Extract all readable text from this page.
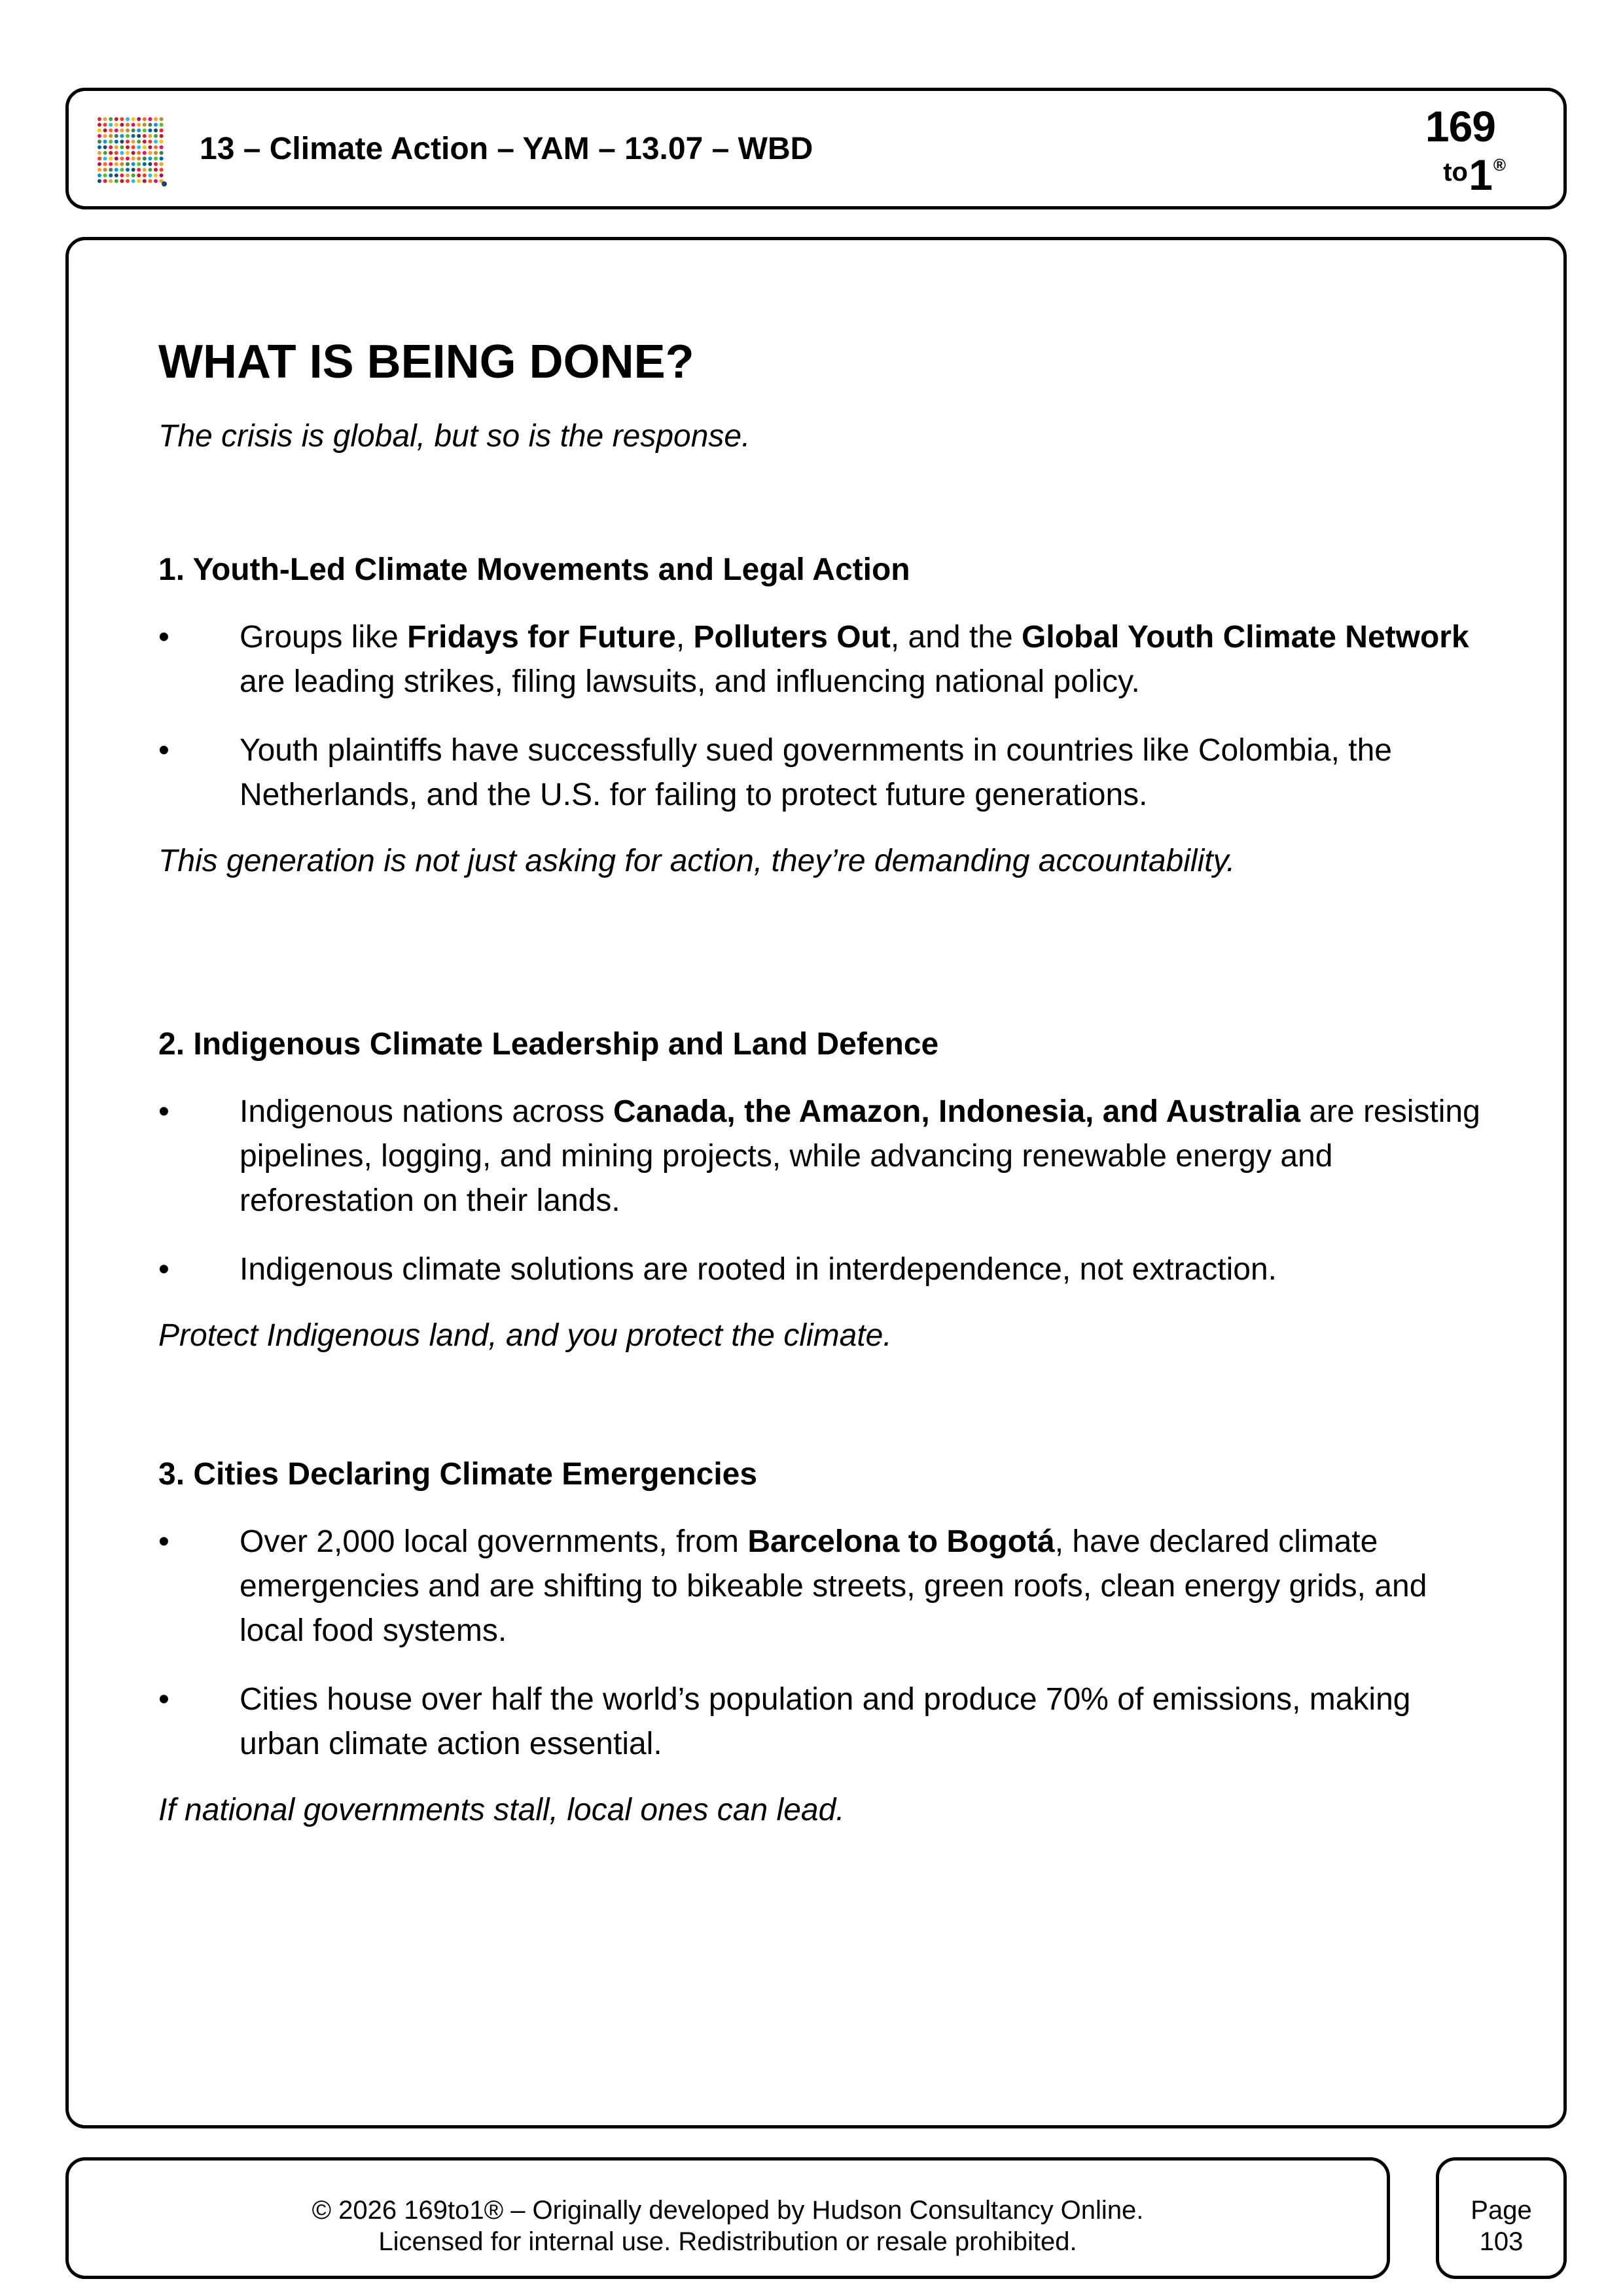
13 – Climate Action – YAM – 13.07 – WBD	169
to 1 ®
WHAT IS BEING DONE?

The crisis is global, but so is the response.

1. Youth-Led Climate Movements and Legal Action
• Groups like Fridays for Future, Polluters Out, and the Global Youth Climate Network are leading strikes, filing lawsuits, and influencing national policy.
• Youth plaintiffs have successfully sued governments in countries like Colombia, the Netherlands, and the U.S. for failing to protect future generations.

This generation is not just asking for action, they’re demanding accountability.

2. Indigenous Climate Leadership and Land Defence
• Indigenous nations across Canada, the Amazon, Indonesia, and Australia are resisting pipelines, logging, and mining projects, while advancing renewable energy and reforestation on their lands.
• Indigenous climate solutions are rooted in interdependence, not extraction.

Protect Indigenous land, and you protect the climate.

3. Cities Declaring Climate Emergencies
• Over 2,000 local governments, from Barcelona to Bogotá, have declared climate emergencies and are shifting to bikeable streets, green roofs, clean energy grids, and local food systems.
• Cities house over half the world’s population and produce 70% of emissions, making urban climate action essential.

If national governments stall, local ones can lead.

© 2026 169to1® – Originally developed by Hudson Consultancy Online.
Licensed for internal use. Redistribution or resale prohibited.
Page
103
